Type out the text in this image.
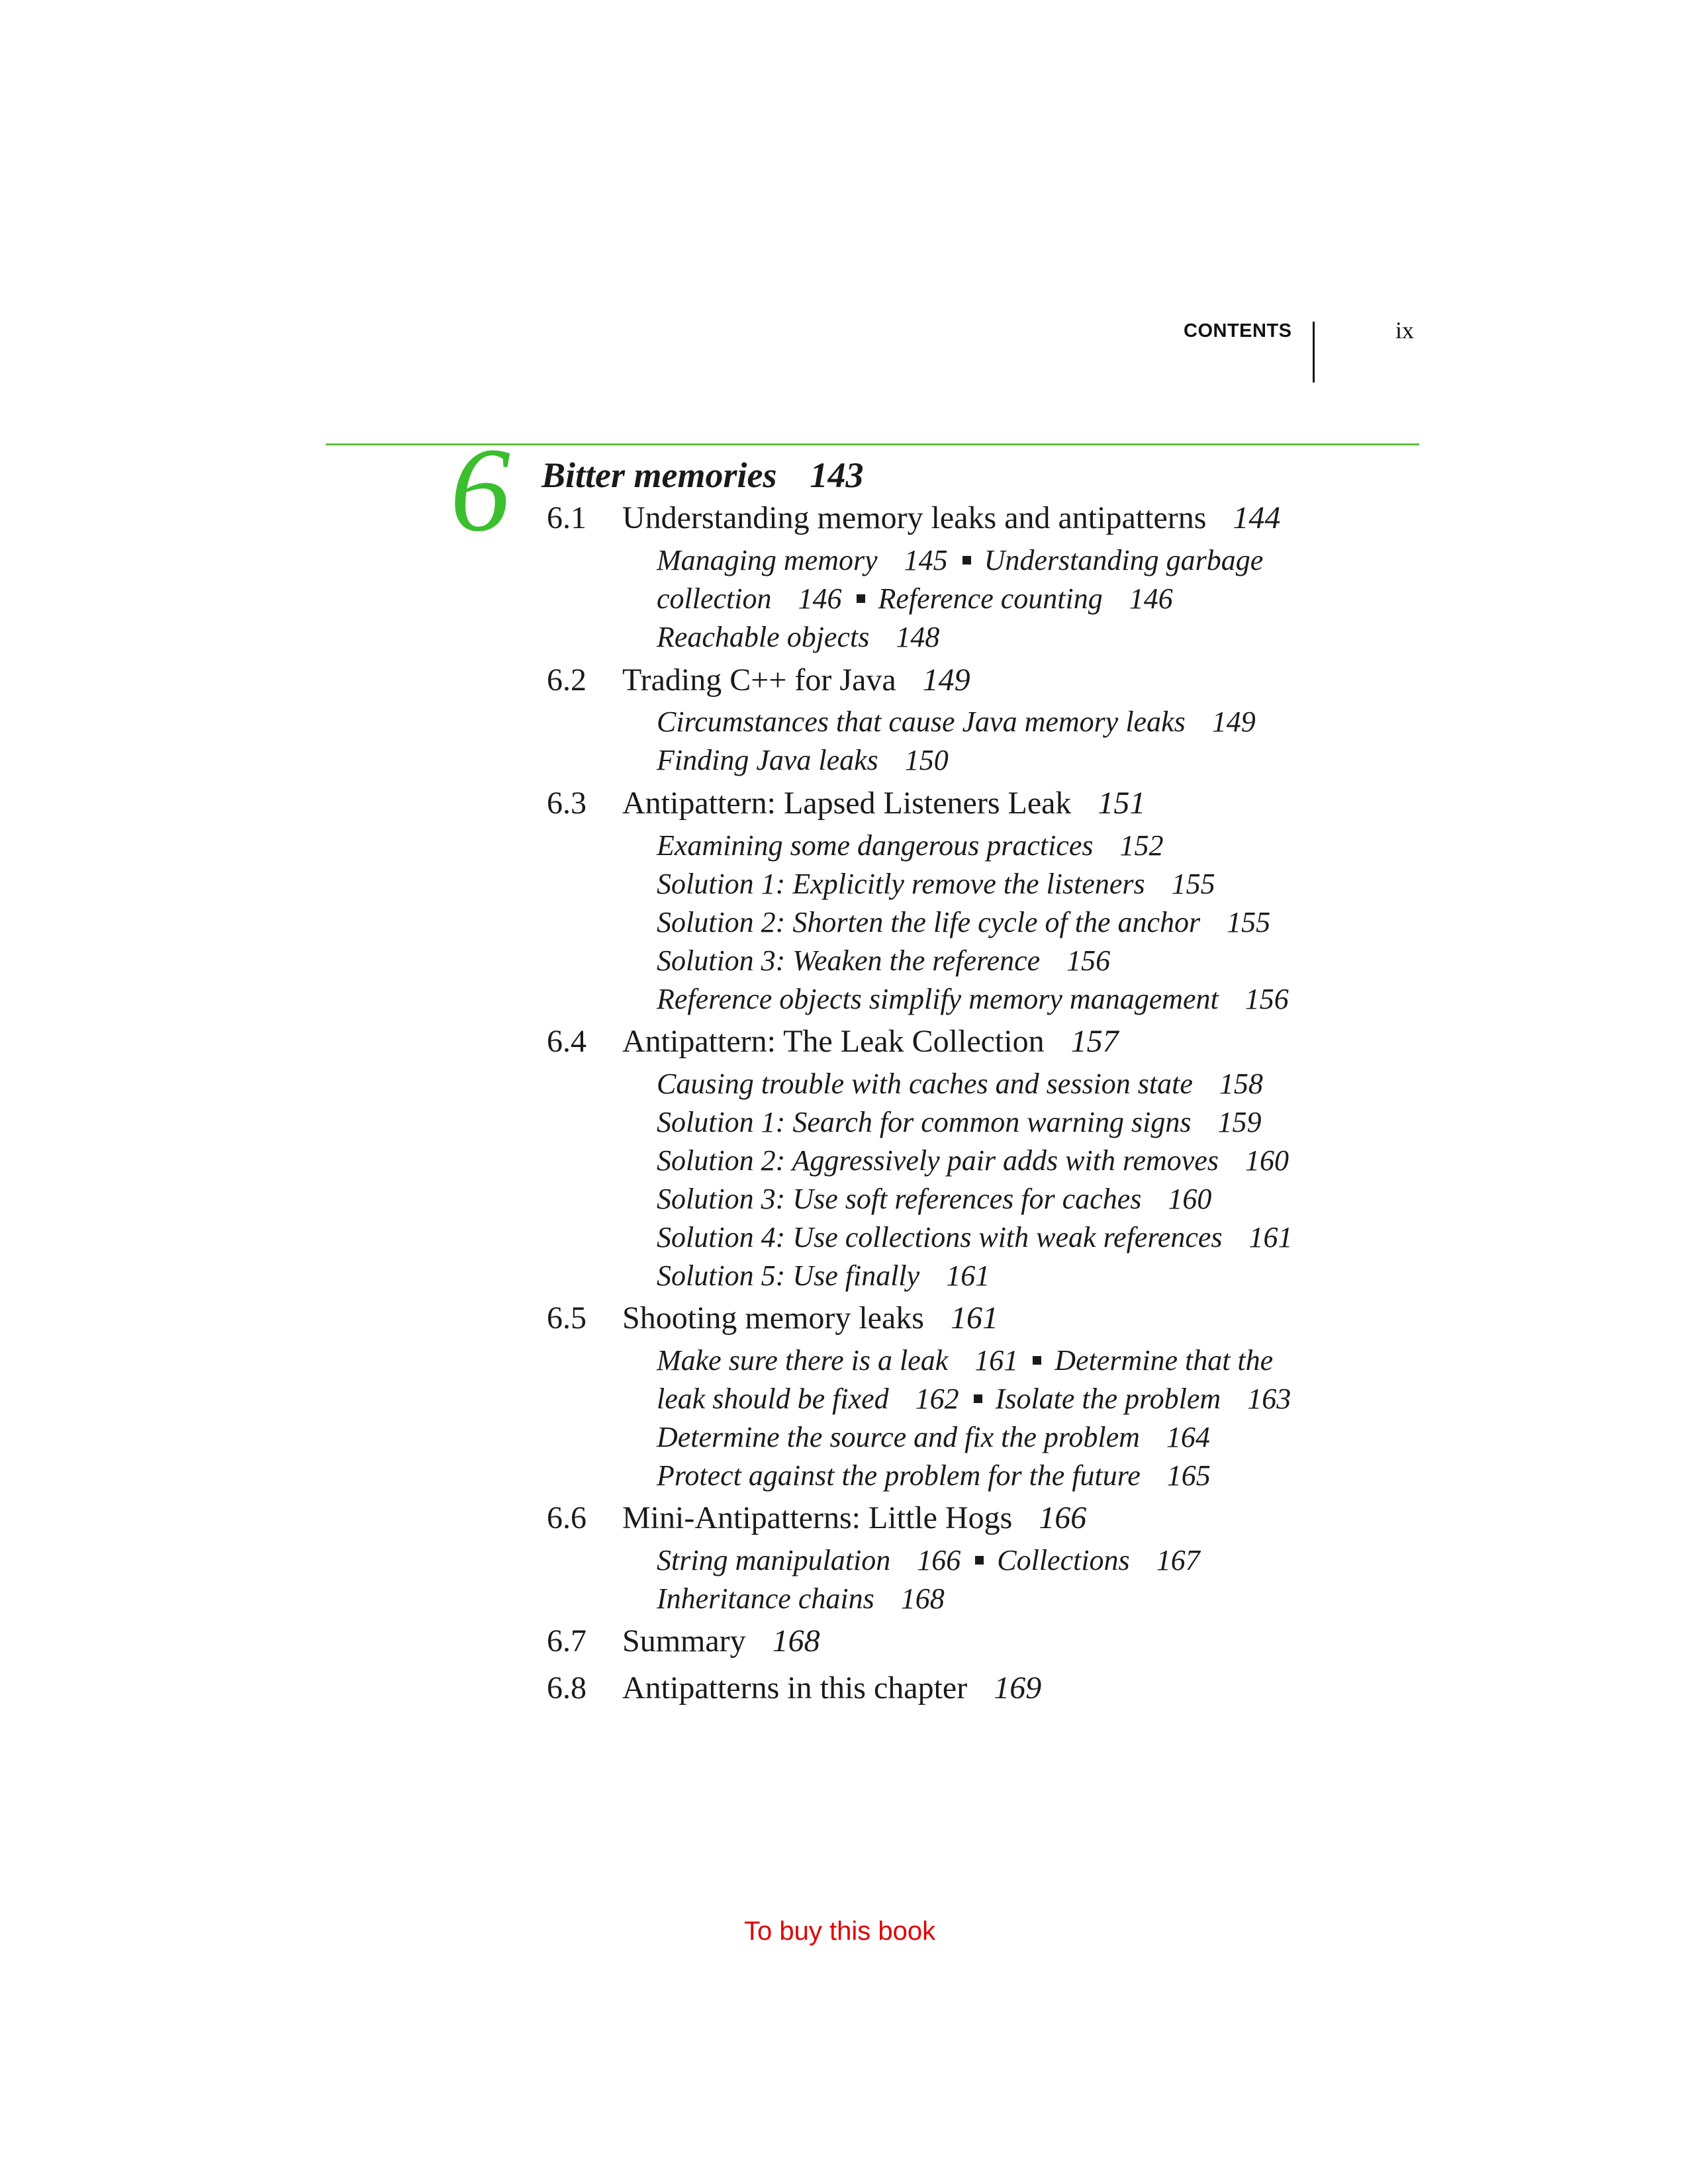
CONTENTS	ix
6 Bitter memories 143
6.1 Understanding memory leaks and antipatterns 144
Managing memory 145 Understanding garbage
collection 146 Reference counting 146
Reachable objects 148
6.2 Trading C++ for Java 149
Circumstances that cause Java memory leaks 149
Finding Java leaks 150
6.3 Antipattern: Lapsed Listeners Leak 151
Examining some dangerous practices 152
Solution 1: Explicitly remove the listeners 155
Solution 2: Shorten the life cycle of the anchor 155
Solution 3: Weaken the reference 156
Reference objects simplify memory management 156
6.4 Antipattern: The Leak Collection 157
Causing trouble with caches and session state 158
Solution 1: Search for common warning signs 159
Solution 2: Aggressively pair adds with removes 160
Solution 3: Use soft references for caches 160
Solution 4: Use collections with weak references 161
Solution 5: Use finally 161
6.5 Shooting memory leaks 161
Make sure there is a leak 161 Determine that the
leak should be fixed 162 Isolate the problem 163
Determine the source and fix the problem 164
Protect against the problem for the future 165
6.6 Mini-Antipatterns: Little Hogs 166
String manipulation 166 Collections 167
Inheritance chains 168
6.7 Summary 168
6.8 Antipatterns in this chapter 169
To buy this book
